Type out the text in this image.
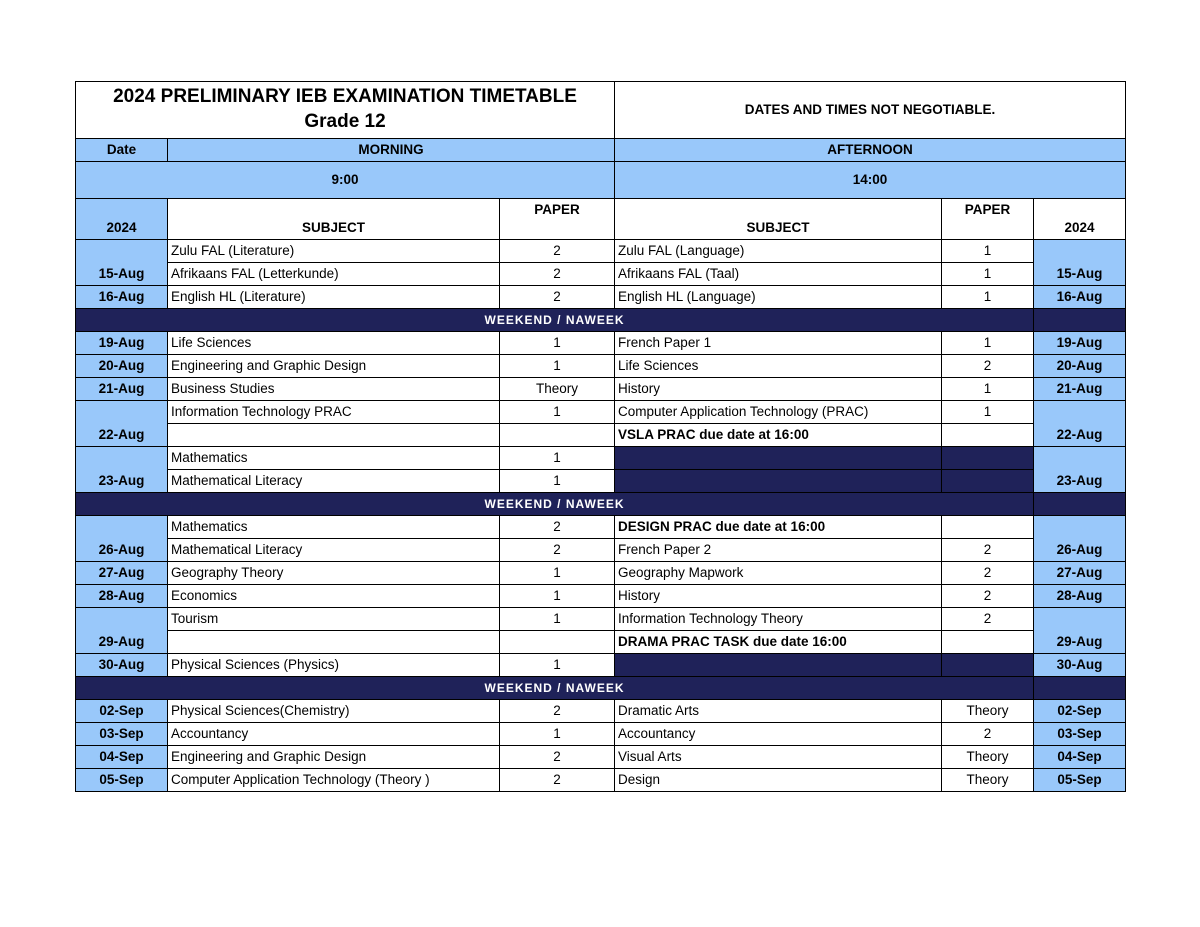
2024 PRELIMINARY IEB EXAMINATION TIMETABLE
Grade 12			DATES AND TIMES NOT NEGOTIABLE.		
Date	MORNING		AFTERNOON		
9:00			14:00		
2024	SUBJECT	PAPER	SUBJECT	PAPER	2024
15-Aug	Zulu FAL (Literature)	2	Zulu FAL (Language)	1	15-Aug
	Afrikaans FAL (Letterkunde)	2	Afrikaans FAL (Taal)	1	
16-Aug	English HL (Literature)	2	English HL (Language)	1	16-Aug
WEEKEND / NAWEEK					
19-Aug	Life Sciences	1	French Paper 1	1	19-Aug
20-Aug	Engineering and Graphic Design	1	Life Sciences	2	20-Aug
21-Aug	Business Studies	Theory	History	1	21-Aug
22-Aug	Information Technology PRAC	1	Computer Application Technology (PRAC)	1	22-Aug
			VSLA PRAC due date at 16:00		
23-Aug	Mathematics	1			23-Aug
	Mathematical Literacy	1			
WEEKEND / NAWEEK					
26-Aug	Mathematics	2	DESIGN PRAC due date at 16:00		26-Aug
	Mathematical Literacy	2	French Paper 2	2	
27-Aug	Geography Theory	1	Geography Mapwork	2	27-Aug
28-Aug	Economics	1	History	2	28-Aug
29-Aug	Tourism	1	Information Technology Theory	2	29-Aug
			DRAMA PRAC TASK due date 16:00		
30-Aug	Physical Sciences (Physics)	1			30-Aug
WEEKEND / NAWEEK					
02-Sep	Physical Sciences(Chemistry)	2	Dramatic Arts	Theory	02-Sep
03-Sep	Accountancy	1	Accountancy	2	03-Sep
04-Sep	Engineering and Graphic Design	2	Visual Arts	Theory	04-Sep
05-Sep	Computer Application Technology (Theory )	2	Design	Theory	05-Sep
